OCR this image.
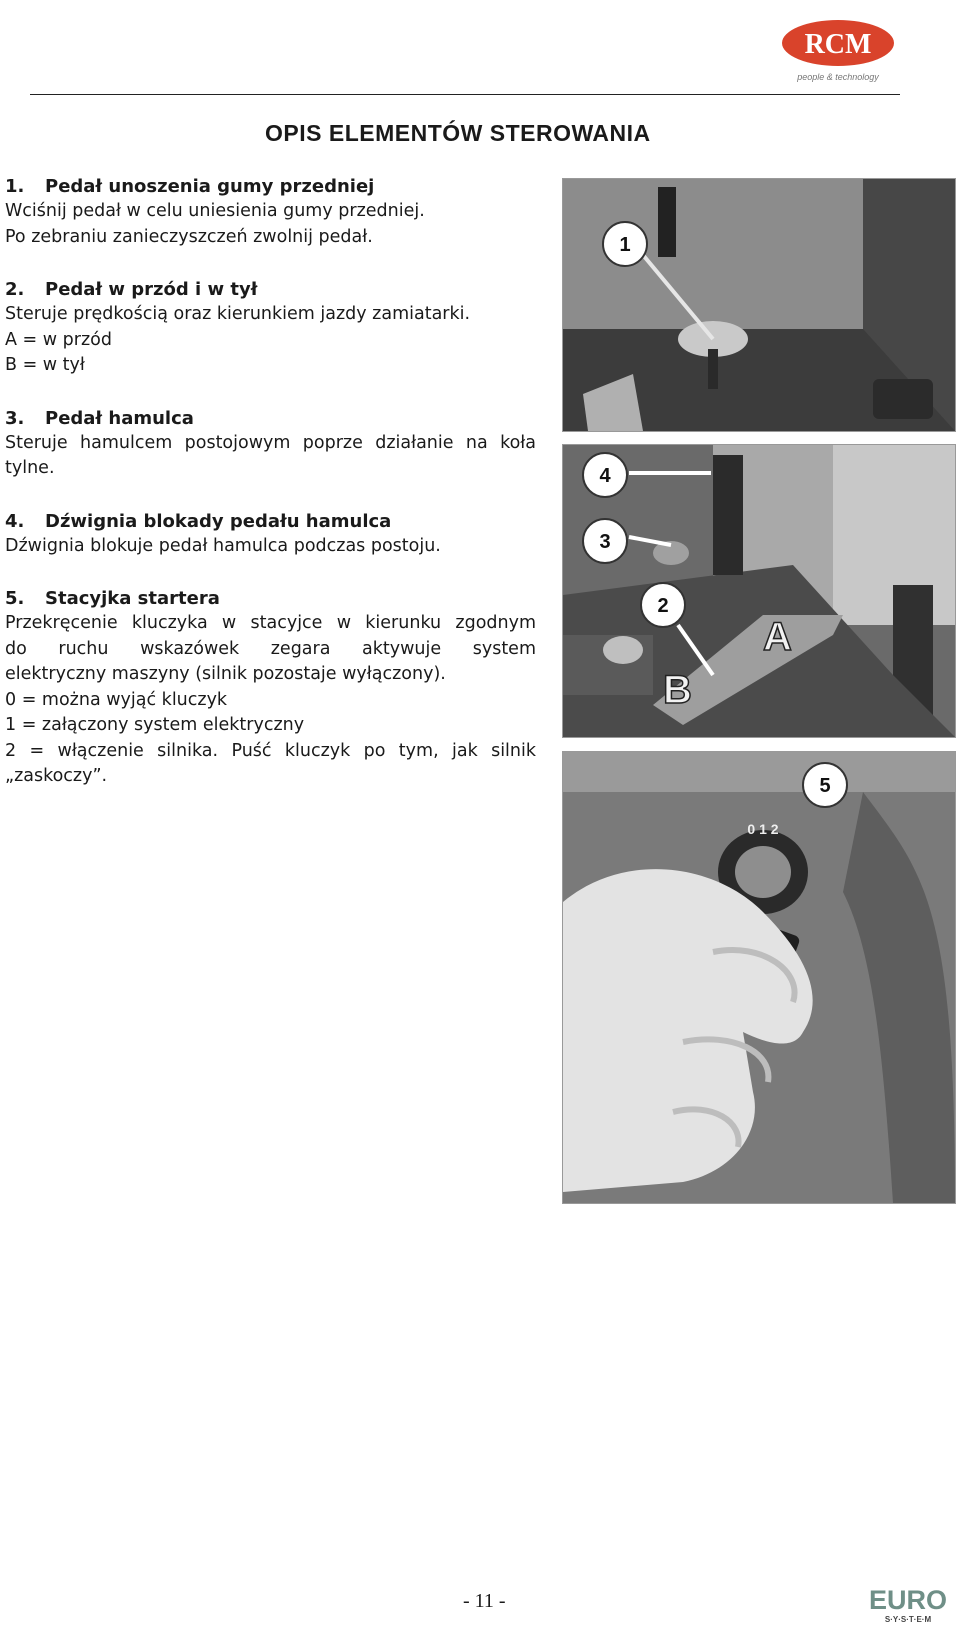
RCM
people & technology
OPIS ELEMENTÓW STEROWANIA

1. Pedał unoszenia gumy przedniej

Wciśnij pedał w celu uniesienia gumy przedniej.

Po zebraniu zanieczyszczeń zwolnij pedał.

2. Pedał w przód i w tył

Steruje prędkością oraz kierunkiem jazdy zamiatarki.

A = w przód

B = w tył

3. Pedał hamulca

Steruje hamulcem postojowym poprze działanie na koła

tylne.

4. Dźwignia blokady pedału hamulca

Dźwignia blokuje pedał hamulca podczas postoju.

5. Stacyjka startera

Przekręcenie kluczyka w stacyjce w kierunku zgodnym

do ruchu wskazówek zegara aktywuje system

elektryczny maszyny (silnik pozostaje wyłączony).

0 = można wyjąć kluczyk

1 = załączony system elektryczny

2 = włączenie silnika. Puść kluczyk po tym, jak silnik

„zaskoczy”.

1
4
3
2
A
B
0 1 2
5
- 11 -	EURO
S·Y·S·T·E·M
